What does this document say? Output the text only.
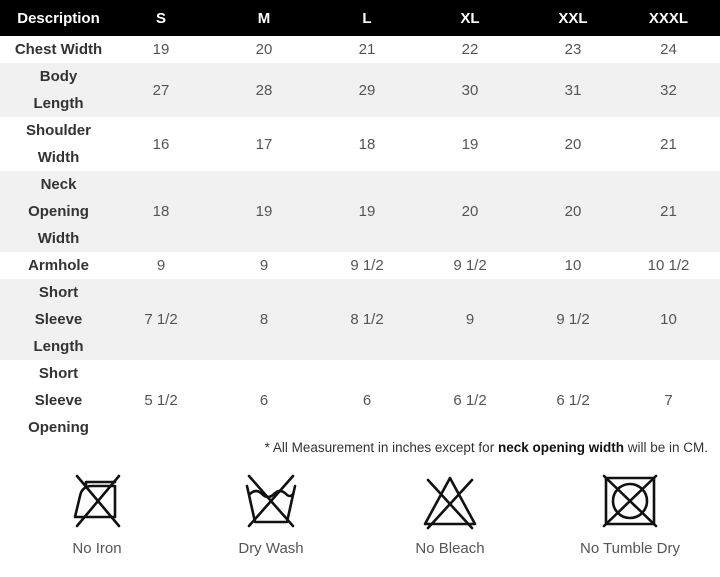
Description	S	M	L	XL	XXL	XXXL
Chest Width	19	20	21	22	23	24
Body
Length	27	28	29	30	31	32
Shoulder
Width	16	17	18	19	20	21
Neck
Opening
Width	18	19	19	20	20	21
Armhole	9	9	9 1/2	9 1/2	10	10 1/2
Short
Sleeve
Length	7 1/2	8	8 1/2	9	9 1/2	10
Short
Sleeve
Opening	5 1/2	6	6	6 1/2	6 1/2	7
* All Measurement in inches except for neck opening width will be in CM.
No Iron	Dry Wash	No Bleach	No Tumble Dry
